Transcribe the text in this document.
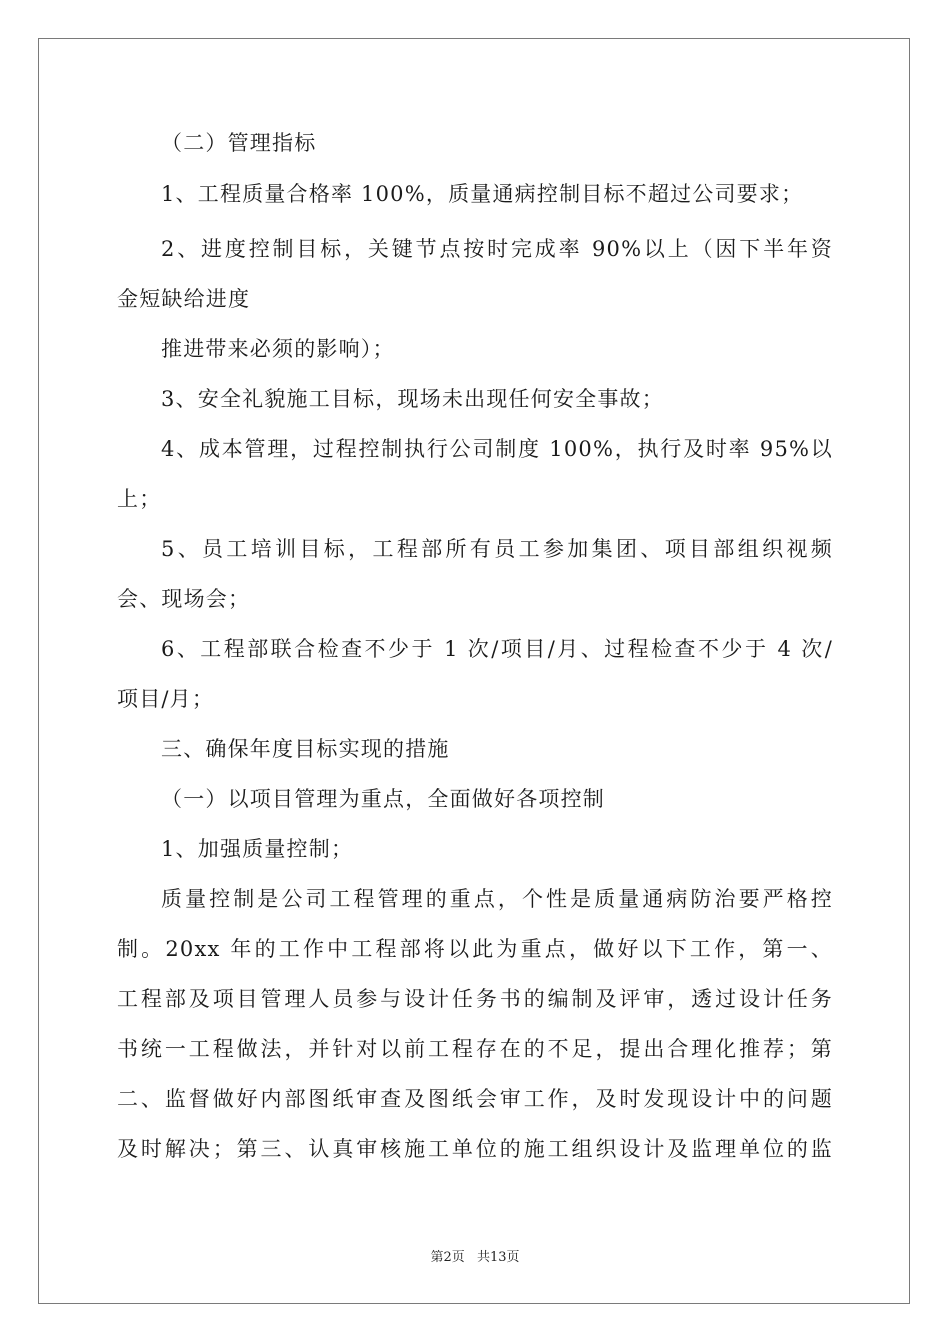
（二）管理指标
1、工程质量合格率 100%，质量通病控制目标不超过公司要求；
2、进度控制目标，关键节点按时完成率 90%以上（因下半年资
金短缺给进度
推进带来必须的影响）；
3、安全礼貌施工目标，现场未出现任何安全事故；
4、成本管理，过程控制执行公司制度 100%，执行及时率 95%以
上；
5、员工培训目标，工程部所有员工参加集团、项目部组织视频
会、现场会；
6、工程部联合检查不少于 1 次/项目/月、过程检查不少于 4 次/
项目/月；
三、确保年度目标实现的措施
（一）以项目管理为重点，全面做好各项控制
1、加强质量控制；
质量控制是公司工程管理的重点，个性是质量通病防治要严格控
制。20xx 年的工作中工程部将以此为重点，做好以下工作，第一、
工程部及项目管理人员参与设计任务书的编制及评审，透过设计任务
书统一工程做法，并针对以前工程存在的不足，提出合理化推荐；第
二、监督做好内部图纸审查及图纸会审工作，及时发现设计中的问题
及时解决；第三、认真审核施工单位的施工组织设计及监理单位的监
第2页 共13页
